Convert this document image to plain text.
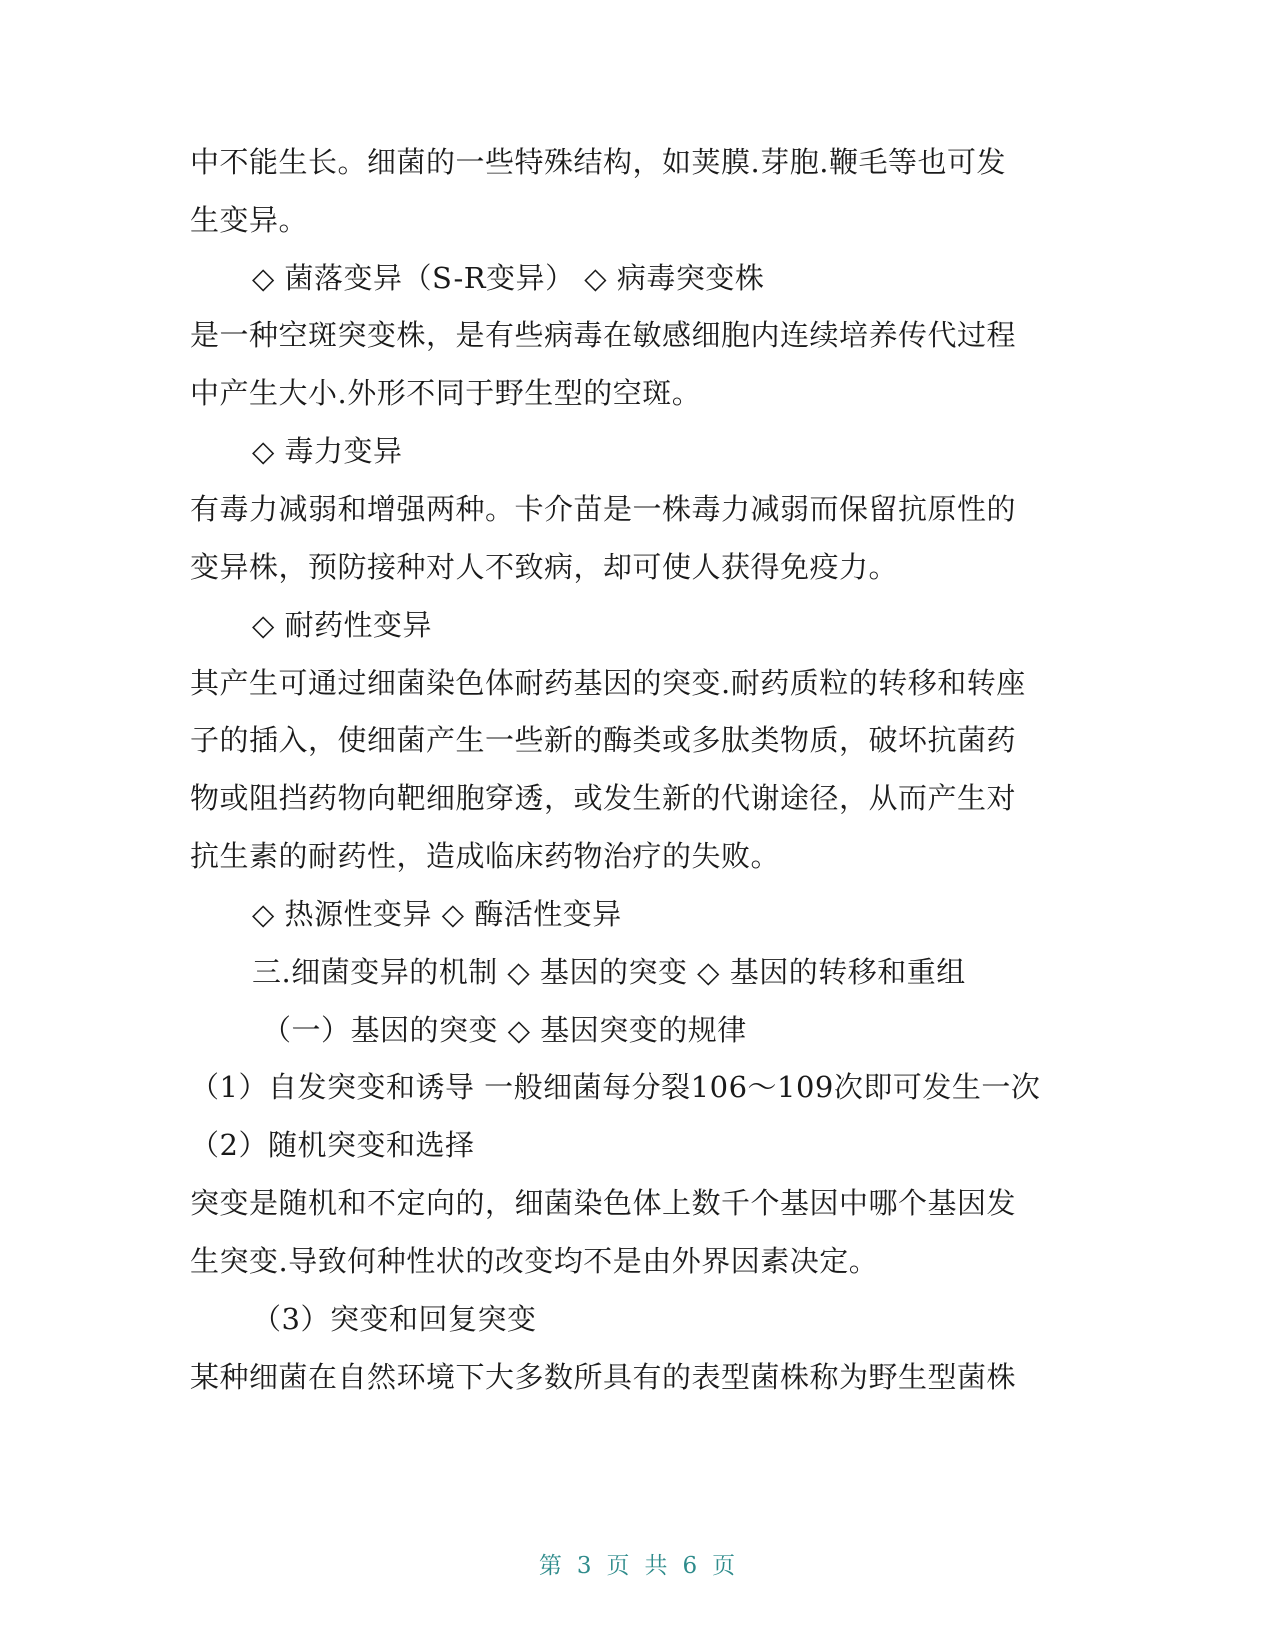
中不能生长。细菌的一些特殊结构，如荚膜.芽胞.鞭毛等也可发
生变异。
◇ 菌落变异（S-R变异） ◇ 病毒突变株
是一种空斑突变株，是有些病毒在敏感细胞内连续培养传代过程
中产生大小.外形不同于野生型的空斑。
◇ 毒力变异
有毒力减弱和增强两种。卡介苗是一株毒力减弱而保留抗原性的
变异株，预防接种对人不致病，却可使人获得免疫力。
◇ 耐药性变异
其产生可通过细菌染色体耐药基因的突变.耐药质粒的转移和转座
子的插入，使细菌产生一些新的酶类或多肽类物质，破坏抗菌药
物或阻挡药物向靶细胞穿透，或发生新的代谢途径，从而产生对
抗生素的耐药性，造成临床药物治疗的失败。
◇ 热源性变异 ◇ 酶活性变异
三.细菌变异的机制 ◇ 基因的突变 ◇ 基因的转移和重组
（一）基因的突变 ◇ 基因突变的规律
（1）自发突变和诱导 一般细菌每分裂106～109次即可发生一次
（2）随机突变和选择
突变是随机和不定向的，细菌染色体上数千个基因中哪个基因发
生突变.导致何种性状的改变均不是由外界因素决定。
（3）突变和回复突变
某种细菌在自然环境下大多数所具有的表型菌株称为野生型菌株
第 3 页 共 6 页
